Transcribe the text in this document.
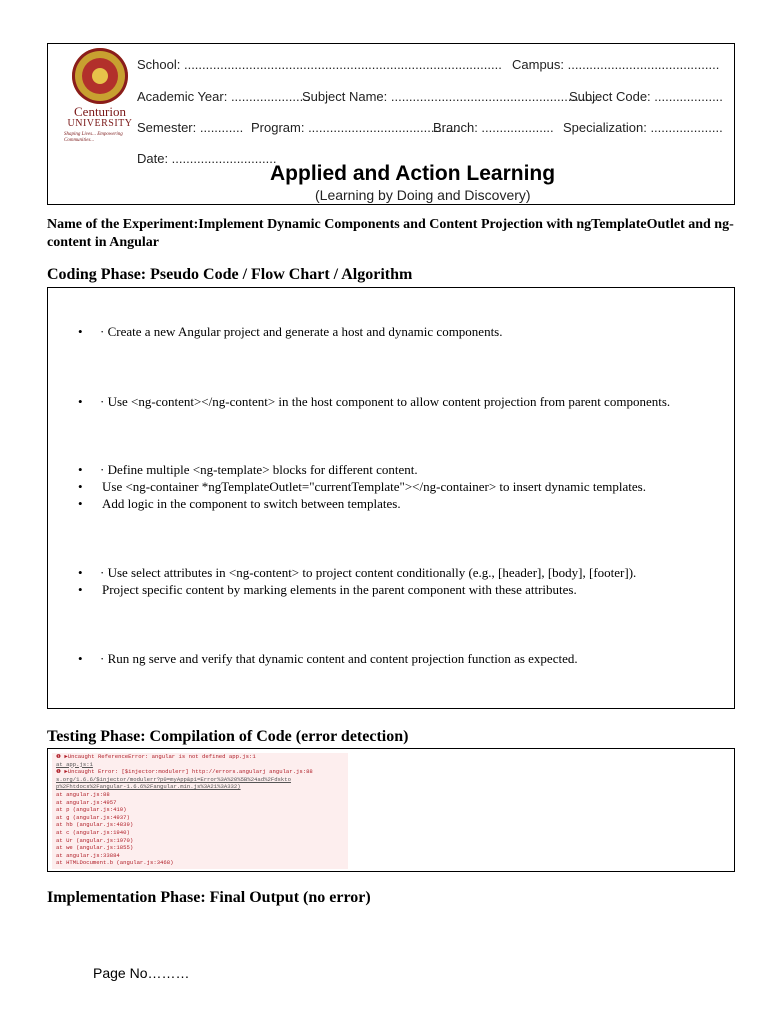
Centurion
UNIVERSITY
Shaping Lives... Empowering Communities...
School: ........................................................................................ Campus: ..........................................
Academic Year: ......................
Subject Name: ..........................................................
Subject Code: ...................
Semester: ............ Program: ..........................................
Branch: .................... Specialization: ....................
Date: .............................
Applied and Action Learning
(Learning by Doing and Discovery)
Name of the Experiment:Implement Dynamic Components and Content Projection with ngTemplateOutlet and ng-content in Angular
Coding Phase: Pseudo Code / Flow Chart / Algorithm
• · Create a new Angular project and generate a host and dynamic components.
• · Use <ng-content></ng-content> in the host component to allow content projection from parent components.
• · Define multiple <ng-template> blocks for different content.
• Use <ng-container *ngTemplateOutlet="currentTemplate"></ng-container> to insert dynamic templates.
• Add logic in the component to switch between templates.
• · Use select attributes in <ng-content> to project content conditionally (e.g., [header], [body], [footer]).
• Project specific content by marking elements in the parent component with these attributes.
• · Run ng serve and verify that dynamic content and content projection function as expected.
Testing Phase: Compilation of Code (error detection)
❶ ▶Uncaught ReferenceError: angular is not defined app.js:1
at app.js:1
❶ ▶Uncaught Error: [$injector:modulerr] http://errors.angularj angular.js:88
s.org/1.6.6/$injector/modulerr?p0=myApp&p1=Error%3A%20%5B%24ad%2Fdskto
p%2Fhtdocs%2Fangular-1.6.6%2Fangular.min.js%3A21%3A332)
at angular.js:88
at angular.js:4957
at p (angular.js:410)
at g (angular.js:4937)
at hb (angular.js:4839)
at c (angular.js:1940)
at Ur (angular.js:1970)
at we (angular.js:1855)
at angular.js:33884
at HTMLDocument.b (angular.js:3468)
Implementation Phase: Final Output (no error)
Page No………
